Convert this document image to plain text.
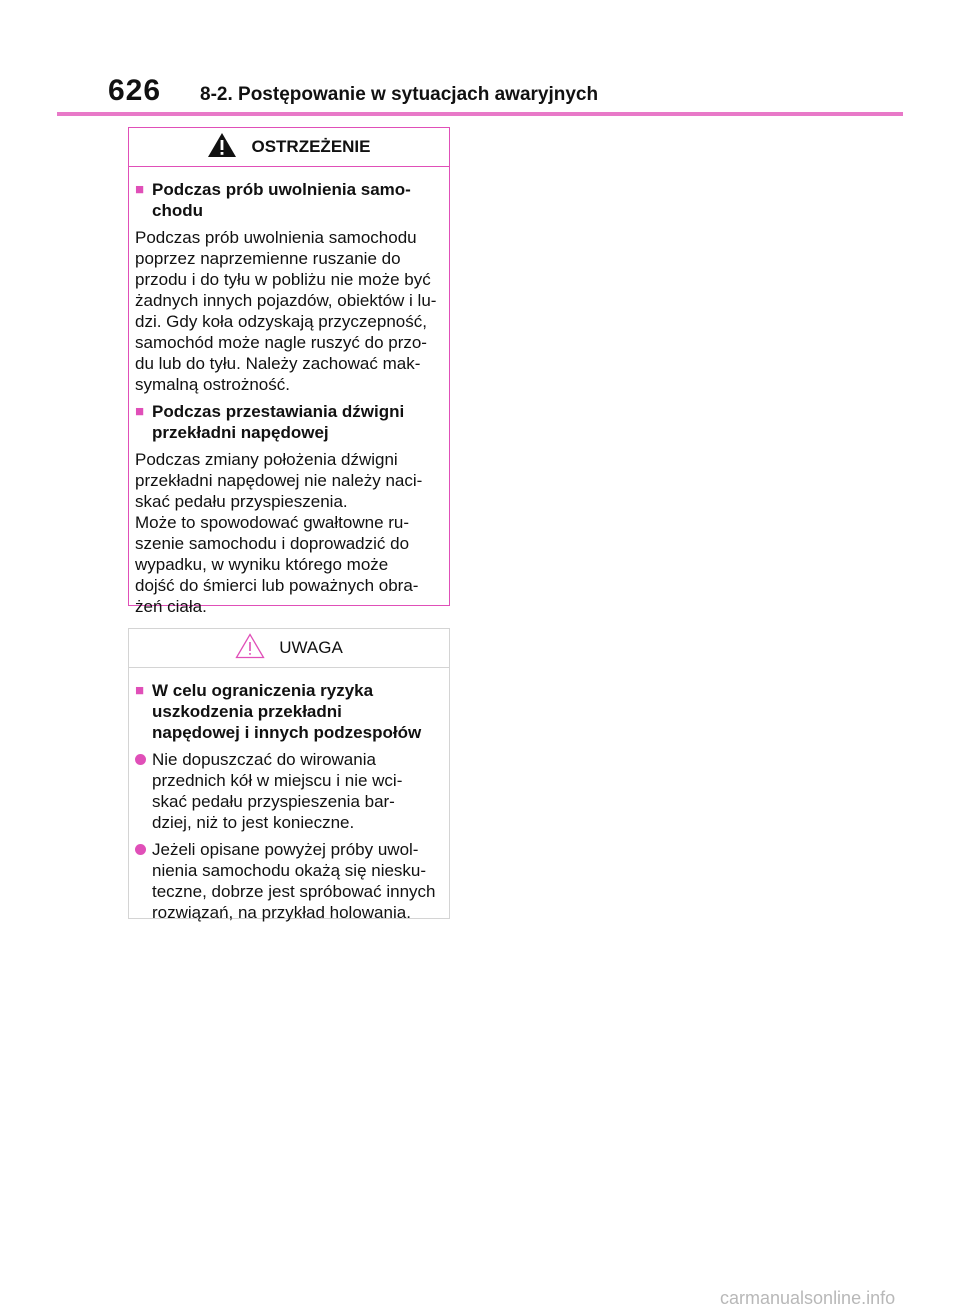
626 8-2. Postępowanie w sytuacjach awaryjnych
OSTRZEŻENIE
■ Podczas prób uwolnienia samo-
chodu
Podczas prób uwolnienia samochodu
poprzez naprzemienne ruszanie do
przodu i do tyłu w pobliżu nie może być
żadnych innych pojazdów, obiektów i lu-
dzi. Gdy koła odzyskają przyczepność,
samochód może nagle ruszyć do przo-
du lub do tyłu. Należy zachować mak-
symalną ostrożność.
■ Podczas przestawiania dźwigni
przekładni napędowej
Podczas zmiany położenia dźwigni
przekładni napędowej nie należy naci-
skać pedału przyspieszenia.
Może to spowodować gwałtowne ru-
szenie samochodu i doprowadzić do
wypadku, w wyniku którego może
dojść do śmierci lub poważnych obra-
żeń ciała.
UWAGA
■ W celu ograniczenia ryzyka
uszkodzenia przekładni
napędowej i innych podzespołów
Nie dopuszczać do wirowania
przednich kół w miejscu i nie wci-
skać pedału przyspieszenia bar-
dziej, niż to jest konieczne.
Jeżeli opisane powyżej próby uwol-
nienia samochodu okażą się niesku-
teczne, dobrze jest spróbować innych
rozwiązań, na przykład holowania.
carmanualsonline.info
